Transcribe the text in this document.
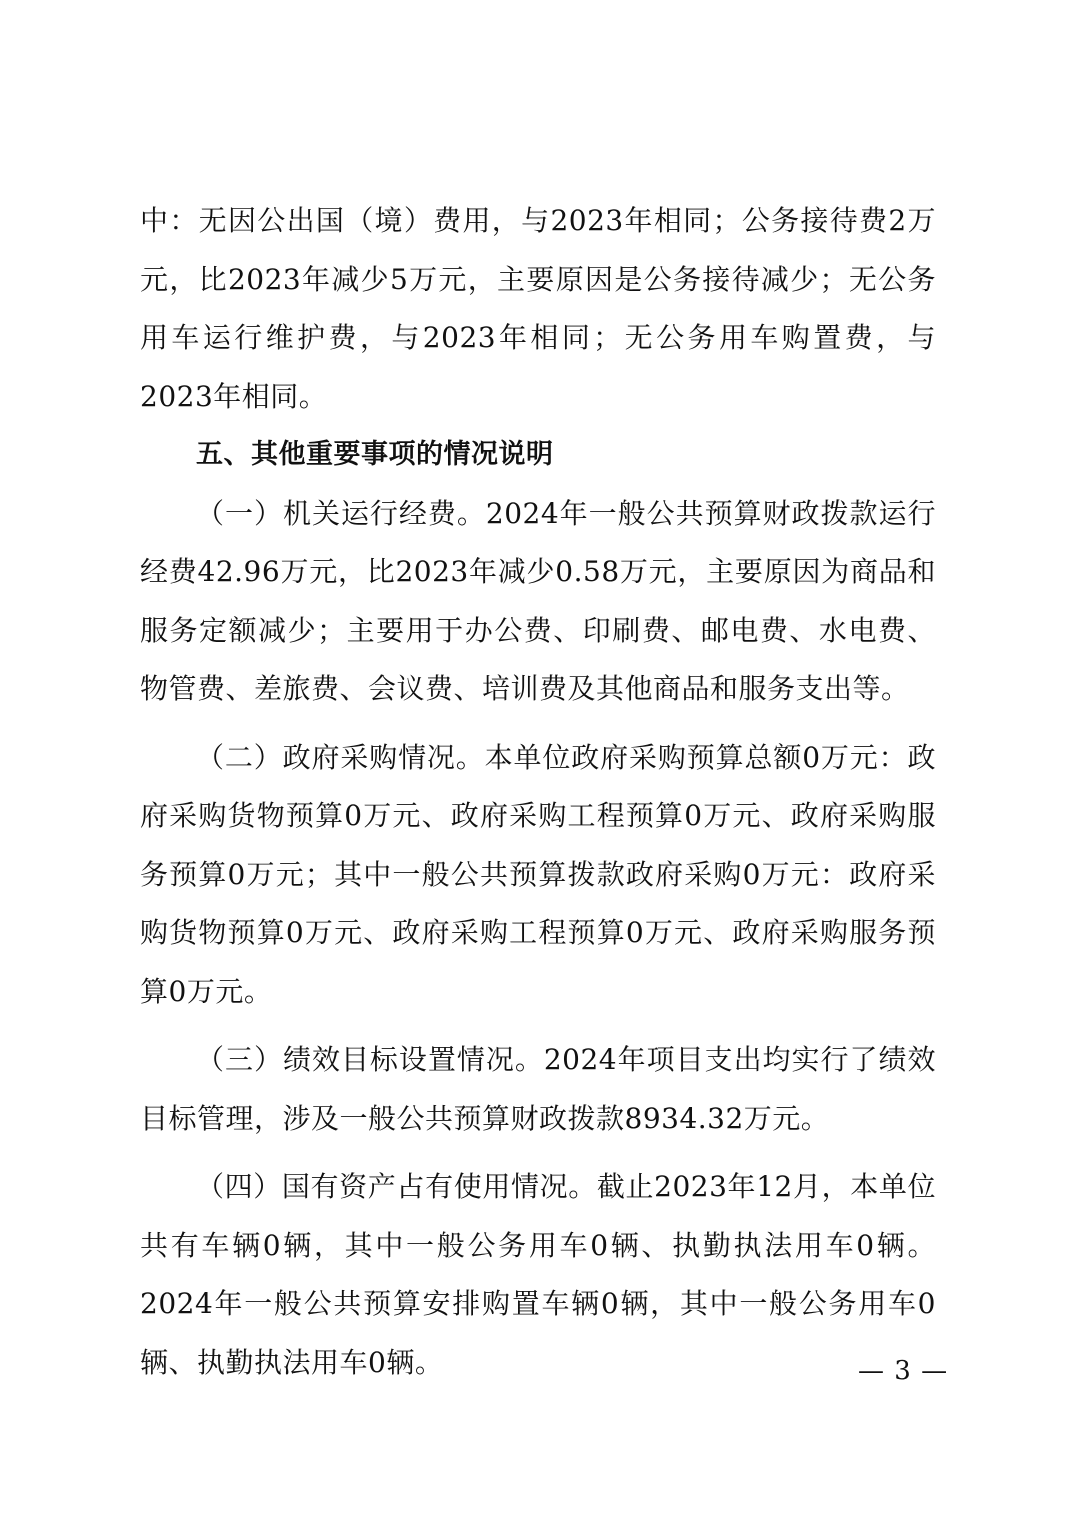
中：无因公出国（境）费用，与2023年相同；公务接待费2万元，比2023年减少5万元，主要原因是公务接待减少；无公务用车运行维护费，与2023年相同；无公务用车购置费，与2023年相同。

五、其他重要事项的情况说明

（一）机关运行经费。2024年一般公共预算财政拨款运行经费42.96万元，比2023年减少0.58万元，主要原因为商品和服务定额减少；主要用于办公费、印刷费、邮电费、水电费、物管费、差旅费、会议费、培训费及其他商品和服务支出等。

（二）政府采购情况。本单位政府采购预算总额0万元：政府采购货物预算0万元、政府采购工程预算0万元、政府采购服务预算0万元；其中一般公共预算拨款政府采购0万元：政府采购货物预算0万元、政府采购工程预算0万元、政府采购服务预算0万元。

（三）绩效目标设置情况。2024年项目支出均实行了绩效目标管理，涉及一般公共预算财政拨款8934.32万元。

（四）国有资产占有使用情况。截止2023年12月，本单位共有车辆0辆，其中一般公务用车0辆、执勤执法用车0辆。2024年一般公共预算安排购置车辆0辆，其中一般公务用车0辆、执勤执法用车0辆。	— 3 —
